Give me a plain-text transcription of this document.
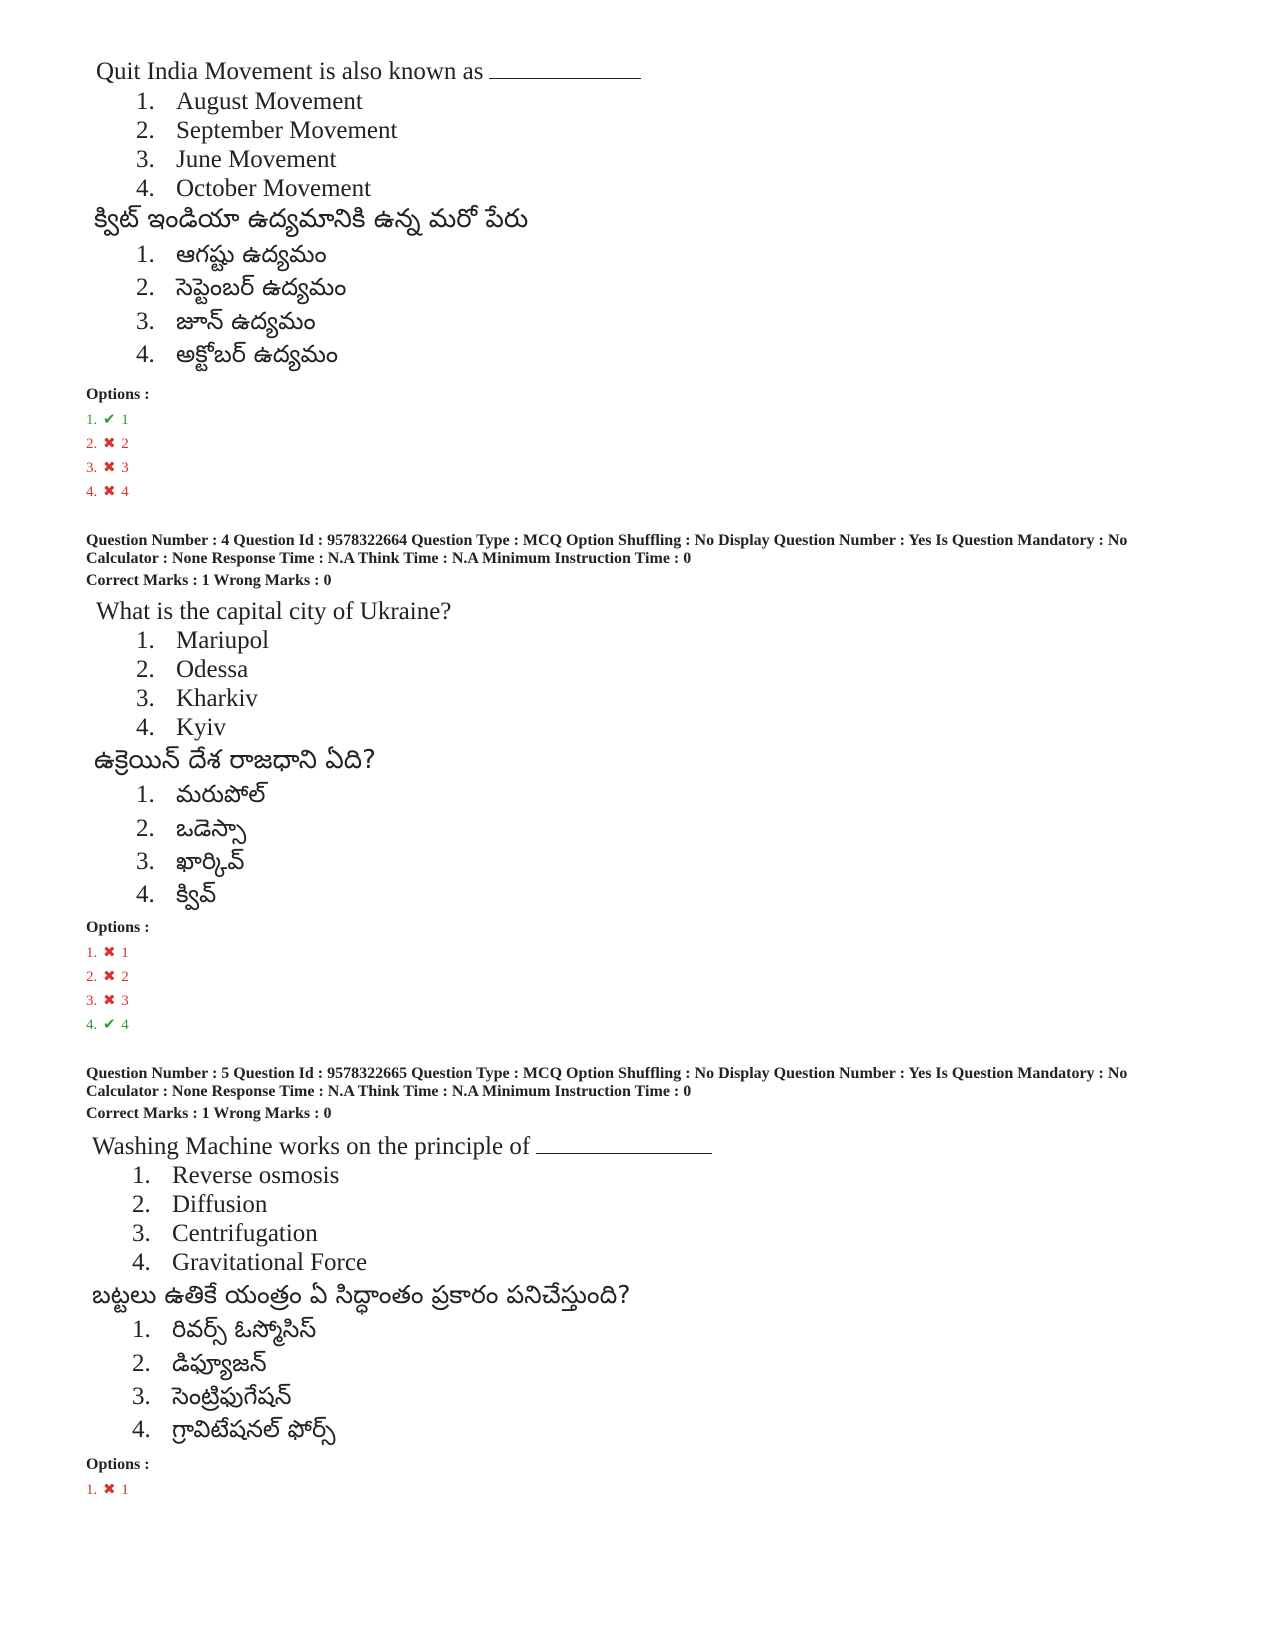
Quit India Movement is also known as
1. August Movement
2. September Movement
3. June Movement
4. October Movement
క్విట్ ఇండియా ఉద్యమానికి ఉన్న మరో పేరు
1. ఆగష్టు ఉద్యమం
2. సెప్టెంబర్ ఉద్యమం
3. జూన్ ఉద్యమం
4. అక్టోబర్ ఉద్యమం
Options :
1. ✔ 1
2. ✖ 2
3. ✖ 3
4. ✖ 4
Question Number : 4 Question Id : 9578322664 Question Type : MCQ Option Shuffling : No Display Question Number : Yes Is Question Mandatory : No
Calculator : None Response Time : N.A Think Time : N.A Minimum Instruction Time : 0
Correct Marks : 1 Wrong Marks : 0
What is the capital city of Ukraine?
1. Mariupol
2. Odessa
3. Kharkiv
4. Kyiv
ఉక్రెయిన్ దేశ రాజధాని ఏది?
1. మరుపోల్
2. ఒడెస్సా
3. ఖార్కివ్
4. క్వివ్
Options :
1. ✖ 1
2. ✖ 2
3. ✖ 3
4. ✔ 4
Question Number : 5 Question Id : 9578322665 Question Type : MCQ Option Shuffling : No Display Question Number : Yes Is Question Mandatory : No
Calculator : None Response Time : N.A Think Time : N.A Minimum Instruction Time : 0
Correct Marks : 1 Wrong Marks : 0
Washing Machine works on the principle of
1. Reverse osmosis
2. Diffusion
3. Centrifugation
4. Gravitational Force
బట్టలు ఉతికే యంత్రం ఏ సిద్ధాంతం ప్రకారం పనిచేస్తుంది?
1. రివర్స్ ఓస్మోసిస్
2. డిఫ్యూజన్
3. సెంట్రిఫుగేషన్
4. గ్రావిటేషనల్ ఫోర్స్
Options :
1. ✖ 1
